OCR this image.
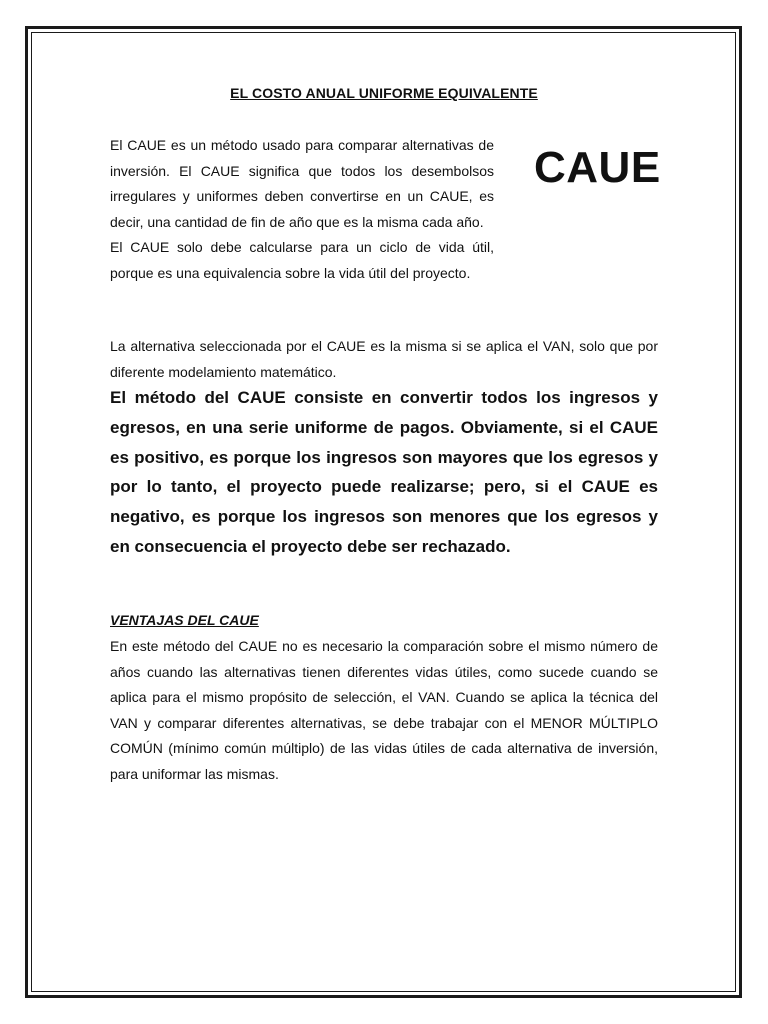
EL COSTO ANUAL UNIFORME EQUIVALENTE

El CAUE es un método usado para comparar alternativas de inversión. El CAUE significa que todos los desembolsos irregulares y uniformes deben convertirse en un CAUE, es decir, una cantidad de fin de año que es la misma cada año.

El CAUE solo debe calcularse para un ciclo de vida útil, porque es una equivalencia sobre la vida útil del proyecto.

CAUE

La alternativa seleccionada por el CAUE es la misma si se aplica el VAN, solo que por diferente modelamiento matemático.

El método del CAUE consiste en convertir todos los ingresos y egresos, en una serie uniforme de pagos. Obviamente, si el CAUE es positivo, es porque los ingresos son mayores que los egresos y por lo tanto, el proyecto puede realizarse; pero, si el CAUE es negativo, es porque los ingresos son menores que los egresos y en consecuencia el proyecto debe ser rechazado.
VENTAJAS DEL CAUE

En este método del CAUE no es necesario la comparación sobre el mismo número de años cuando las alternativas tienen diferentes vidas útiles, como sucede cuando se aplica para el mismo propósito de selección, el VAN. Cuando se aplica la técnica del VAN y comparar diferentes alternativas, se debe trabajar con el MENOR MÚLTIPLO COMÚN (mínimo común múltiplo) de las vidas útiles de cada alternativa de inversión, para uniformar las mismas.
